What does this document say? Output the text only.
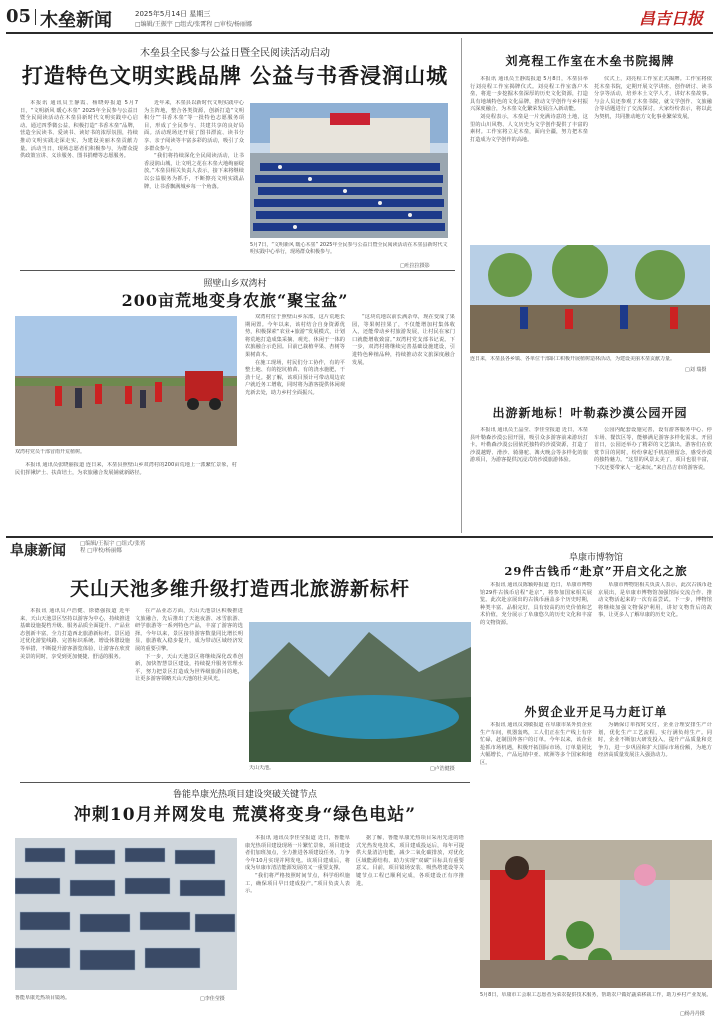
05 木垒新闻	2025年5月14日 星期三
□编辑/王振宇 □组式/张霄程 □审校/杨丽娜	昌吉日报
木垒县全民参与公益日暨全民阅读活动启动
打造特色文明实践品牌 公益与书香浸润山城

本报讯 通讯员王静霞、杨晓婷报道 5月7日，“文明新风 暖心木垒” 2025年全民参与公益日暨全民阅读活动在木垒县新时代文明实践中心启动。通过四季微公益，积极打造“书香木垒”品牌，营造全民读书、爱读书、读好书的浓厚氛围，持续推动文明实践走深走实，为建设美丽木垒贡献力量。活动当日，现场志愿者们积极参与，为群众提供政策宣讲、义诊服务、图书捐赠等志愿服务。

近年来，木垒县以新时代文明实践中心为主阵地，整合各类资源，创新打造“文明积分”“书香木垒”等一批特色志愿服务项目，形成了全民参与、共建共享的良好局面。活动现场还开展了图书漂流、读书分享、亲子阅读等丰富多彩的活动，吸引了众多群众参与。

“我们将持续深化全民阅读活动，让书香浸润山城，让文明之花在木垒大地绚丽绽放。”木垒县相关负责人表示，接下来将继续以公益服务为抓手，不断擦亮文明实践品牌，让书香飘满城乡每一个角落。

5月7日，“文明新风 暖心木垒” 2025年全民参与公益日暨全民阅读活动在木垒县新时代文明实践中心举行，现场群众积极参与。
□吐拉拉摄影
刘亮程工作室在木垒书院揭牌

本报讯 通讯员王静霞报道 5月8日，木垒县举行刘亮程工作室揭牌仪式。刘亮程工作室落户木垒，将进一步挖掘木垒深厚的历史文化资源，打造具有地域特色的文化品牌，推动文学创作与乡村振兴深度融合，为木垒文化繁荣发展注入新动能。

刘亮程表示，木垒是一片充满诗意的土地，这里的山川风物、人文历史为文学创作提供了丰富的素材。工作室将立足木垒，面向全疆，努力把木垒打造成为文学创作的高地。

仪式上，刘亮程工作室正式揭牌。工作室将依托木垒书院，定期开展文学讲座、创作研讨、读书分享等活动，培养本土文学人才，讲好木垒故事。与会人员还参观了木垒书院，就文学创作、文旅融合等话题进行了交流探讨，大家纷纷表示，将以此为契机，共同推动地方文化事业繁荣发展。

照壁山乡双湾村
200亩荒地变身农旅“聚宝盆”
双湾村党员干部冒雨开荒植树。

本报讯 通讯员张晓丽报道 连日来，木垒县照壁山乡双湾村的200亩荒地上一派繁忙景象，村民们挥锹铲土、扶苗培土，为农旅融合发展铺就新路径。

双湾村位于照壁山乡东部，这片荒地长期闲置。今年以来，该村结合自身资源优势，积极探索“农业+旅游”发展模式，计划将荒地打造成集采摘、观光、休闲于一体的农旅融合示范园。目前已栽植苹果、杏树等果树苗木。

在施工现场，村民们分工协作，有的平整土地、有的挖坑植苗、有的浇水施肥，干劲十足。据了解，该项目预计可带动周边农户就近务工增收，同时将为游客提供休闲观光新去处，助力乡村全面振兴。

“这块荒地以前长满杂草，现在变成了果园，等果树挂果了，不仅能增加村集体收入，还能带动乡村旅游发展，让村民在家门口就能增收致富。”双湾村党支部书记说。下一步，双湾村将继续完善基础设施建设，引进特色种植品种，持续推动农文旅深度融合发展。

连日来，木垒县各乡镇、各单位干部职工积极开展植树造林活动，为建设美丽木垒贡献力量。
□刘 瑞摄
出游新地标！叶勒森沙漠公园开园

本报讯 通讯员王晶莹、李佳莹报道 近日，木垒县叶勒森沙漠公园开园，吸引众多游客前来游玩打卡。叶勒森沙漠公园依托独特的沙漠资源，打造了沙漠越野、滑沙、骑骆驼、篝火晚会等多样化的旅游项目，为游客提供沉浸式的沙漠旅游体验。

公园内配套设施完善，设有游客服务中心、停车场、餐饮区等，能够满足游客多样化需求。开园首日，公园还举办了精彩的文艺演出，游客们在欣赏节目的同时，纷纷拿起手机拍照留念，感受沙漠的独特魅力。“这里的风景太美了，项目也很丰富，下次还要带家人一起来玩。”来自昌吉市的游客说。

阜康新闻	□编辑/王振宇 □组式/张霄程 □审校/杨丽娜
天山天池多维升级打造西北旅游新标杆

本报讯 通讯员卢浩健、徐德强报道 近年来，天山天池景区坚持以游客为中心，持续推进基础设施提档升级、服务品质全面提升、产品业态创新丰富，全力打造西北旅游新标杆。景区通过优化游览线路、完善标识系统、增设休憩设施等举措，不断提升游客游览体验，让游客在欣赏美景的同时，享受到更加便捷、舒适的服务。

在产品业态方面，天山天池景区积极推进文旅融合，先后推出了天池夜游、冰雪旅游、研学旅游等一系列特色产品，丰富了游客的选择。今年以来，景区接待游客数量同比增长明显，旅游收入稳步提升，成为带动区域经济发展的重要引擎。

下一步，天山天池景区将继续深化改革创新，加快智慧景区建设，持续提升服务管理水平，努力把景区打造成为世界级旅游目的地，让更多游客领略天山天池的壮美风光。

天山天池。	□卢浩健摄
阜康市博物馆
29件古钱币“赴京”开启文化之旅

本报讯 通讯员陈颖婷报道 近日，阜康市博物馆29件古钱币启程“赴京”，将参加国家相关展览。此次赴京展出的古钱币涵盖多个历史时期，种类丰富、品相完好，具有较高的历史价值和艺术价值，充分展示了阜康悠久的历史文化和丰富的文物资源。

阜康市博物馆相关负责人表示，此次古钱币赴京展出，是阜康市博物馆加强馆际交流合作、推动文物活起来的一次有益尝试。下一步，博物馆将继续加强文物保护利用，讲好文物背后的故事，让更多人了解阜康的历史文化。

外贸企业开足马力赶订单

本报讯 通讯员刘敏报道 在阜康市某外贸企业生产车间，机器轰鸣，工人们正在生产线上有序忙碌，赶制国外客户的订单。今年以来，该企业抢抓市场机遇，积极开拓国际市场，订单量同比大幅增长，产品远销中亚、欧洲等多个国家和地区。

为确保订单按时交付，企业合理安排生产计划，优化生产工艺流程，实行满负荷生产。同时，企业不断加大研发投入，提升产品质量和竞争力，进一步巩固和扩大国际市场份额，为地方经济高质量发展注入强劲动力。

鲁能阜康光热项目建设突破关键节点
冲刺10月并网发电 荒漠将变身“绿色电站”
鲁能阜康光热项目镜场。	□李佳莹摄

本报讯 通讯员李佳莹报道 近日，鲁能阜康光热项目建设现场一片繁忙景象，项目建设者们加班加点，全力推进各项建设任务，力争今年10月实现并网发电。该项目建成后，将成为阜康市清洁能源发展的又一重要支撑。

“我们将严格按照时间节点，科学组织施工，确保项目早日建成投产。”项目负责人表示。

据了解，鲁能阜康光热项目采用先进的塔式光热发电技术，项目建成投运后，每年可提供大量清洁电能，减少二氧化碳排放，对优化区域能源结构、助力实现“双碳”目标具有重要意义。目前，项目镜场安装、吸热塔建设等关键节点工程已顺利完成，各项建设正有序推进。

5月8日，阜康市工会职工志愿者为菜农提供技术服务，帮助农户做好蔬菜移栽工作，助力乡村产业发展。
□杨丹丹摄
